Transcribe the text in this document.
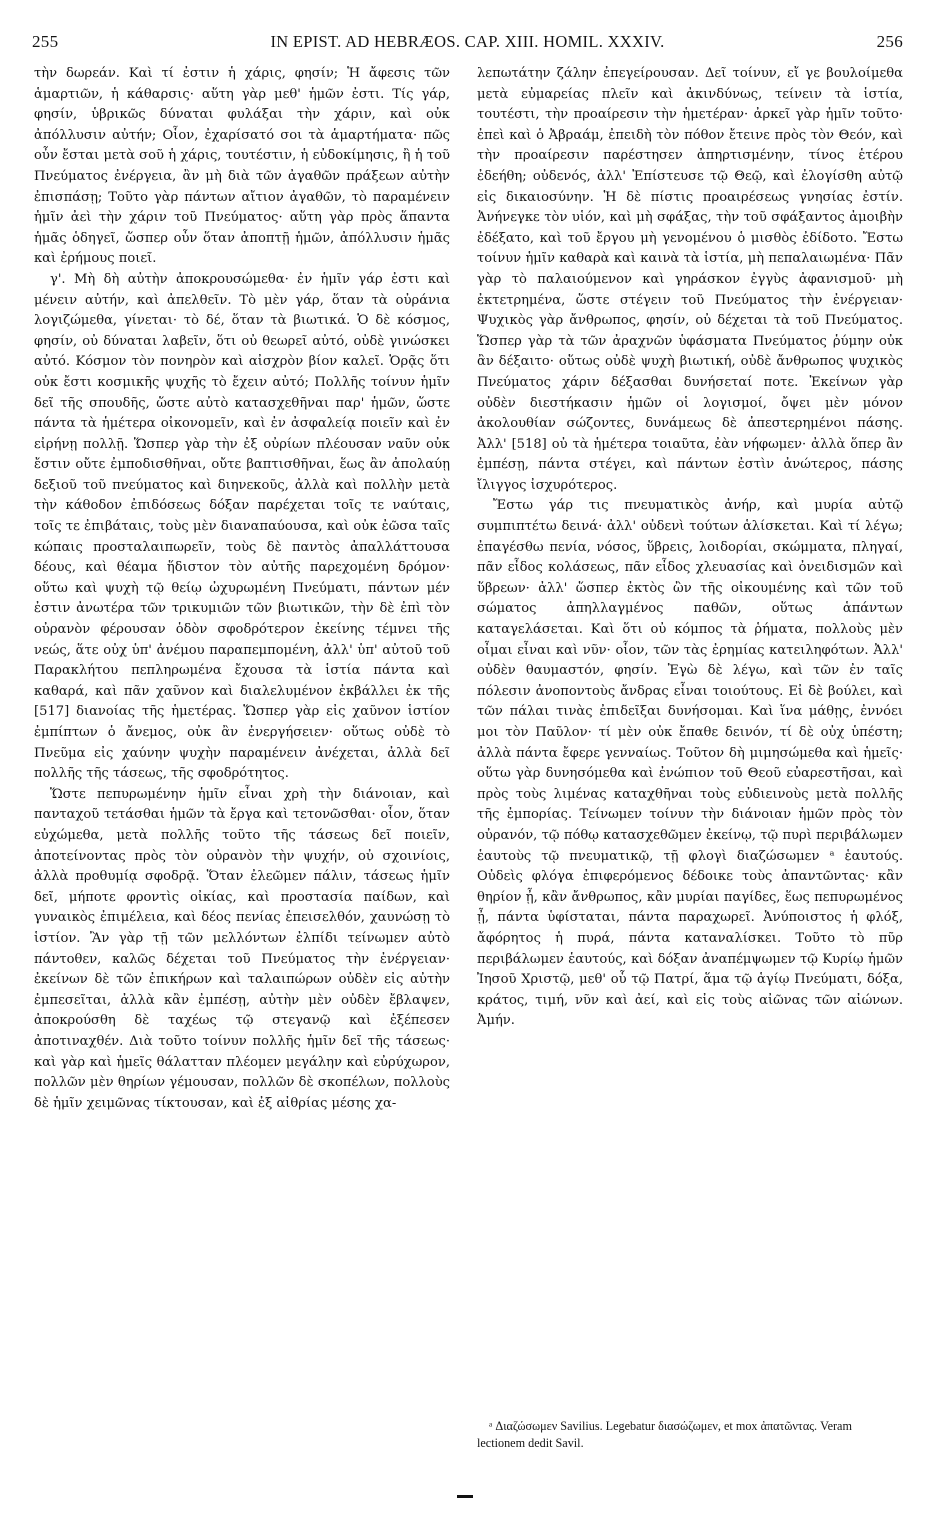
255	IN EPIST. AD HEBRÆOS. CAP. XIII. HOMIL. XXXIV.	256

τὴν δωρεάν. Καὶ τί ἐστιν ἡ χάρις, φησίν; Ἡ ἄφεσις τῶν ἁμαρτιῶν, ἡ κάθαρσις· αὕτη γὰρ μεθ' ἡμῶν ἐστι. Τίς γάρ, φησίν, ὑβρικῶς δύναται φυλάξαι τὴν χάριν, καὶ οὐκ ἀπόλλυσιν αὐτήν; Οἷον, ἐχαρίσατό σοι τὰ ἁμαρτήματα· πῶς οὖν ἔσται μετὰ σοῦ ἡ χάρις, τουτέστιν, ἡ εὐδοκίμησις, ἢ ἡ τοῦ Πνεύματος ἐνέργεια, ἂν μὴ διὰ τῶν ἀγαθῶν πράξεων αὐτὴν ἐπισπάσῃ; Τοῦτο γὰρ πάντων αἴτιον ἀγαθῶν, τὸ παραμένειν ἡμῖν ἀεὶ τὴν χάριν τοῦ Πνεύματος· αὕτη γὰρ πρὸς ἅπαντα ἡμᾶς ὁδηγεῖ, ὥσπερ οὖν ὅταν ἀποπτῇ ἡμῶν, ἀπόλλυσιν ἡμᾶς καὶ ἐρήμους ποιεῖ.

γ'. Μὴ δὴ αὐτὴν ἀποκρουσώμεθα· ἐν ἡμῖν γάρ ἐστι καὶ μένειν αὐτήν, καὶ ἀπελθεῖν. Τὸ μὲν γάρ, ὅταν τὰ οὐράνια λογιζώμεθα, γίνεται· τὸ δέ, ὅταν τὰ βιωτικά. Ὁ δὲ κόσμος, φησίν, οὐ δύναται λαβεῖν, ὅτι οὐ θεωρεῖ αὐτό, οὐδὲ γινώσκει αὐτό. Κόσμον τὸν πονηρὸν καὶ αἰσχρὸν βίον καλεῖ. Ὁρᾷς ὅτι οὐκ ἔστι κοσμικῆς ψυχῆς τὸ ἔχειν αὐτό; Πολλῆς τοίνυν ἡμῖν δεῖ τῆς σπουδῆς, ὥστε αὐτὸ κατασχεθῆναι παρ' ἡμῶν, ὥστε πάντα τὰ ἡμέτερα οἰκονομεῖν, καὶ ἐν ἀσφαλείᾳ ποιεῖν καὶ ἐν εἰρήνῃ πολλῇ. Ὥσπερ γὰρ τὴν ἐξ οὐρίων πλέουσαν ναῦν οὐκ ἔστιν οὔτε ἐμποδισθῆναι, οὔτε βαπτισθῆναι, ἕως ἂν ἀπολαύῃ δεξιοῦ τοῦ πνεύματος καὶ διηνεκοῦς, ἀλλὰ καὶ πολλὴν μετὰ τὴν κάθοδον ἐπιδόσεως δόξαν παρέχεται τοῖς τε ναύταις, τοῖς τε ἐπιβάταις, τοὺς μὲν διαναπαύουσα, καὶ οὐκ ἐῶσα ταῖς κώπαις προσταλαιπωρεῖν, τοὺς δὲ παντὸς ἀπαλλάττουσα δέους, καὶ θέαμα ἥδιστον τὸν αὐτῆς παρεχομένη δρόμον· οὕτω καὶ ψυχὴ τῷ θείῳ ὠχυρωμένη Πνεύματι, πάντων μέν ἐστιν ἀνωτέρα τῶν τρικυμιῶν τῶν βιωτικῶν, τὴν δὲ ἐπὶ τὸν οὐρανὸν φέρουσαν ὁδὸν σφοδρότερον ἐκείνης τέμνει τῆς νεώς, ἅτε οὐχ ὑπ' ἀνέμου παραπεμπομένη, ἀλλ' ὑπ' αὐτοῦ τοῦ Παρακλήτου πεπληρωμένα ἔχουσα τὰ ἱστία πάντα καὶ καθαρά, καὶ πᾶν χαῦνον καὶ διαλελυμένον ἐκβάλλει ἐκ τῆς [517] διανοίας τῆς ἡμετέρας. Ὥσπερ γὰρ εἰς χαῦνον ἱστίον ἐμπίπτων ὁ ἄνεμος, οὐκ ἂν ἐνεργήσειεν· οὕτως οὐδὲ τὸ Πνεῦμα εἰς χαύνην ψυχὴν παραμένειν ἀνέχεται, ἀλλὰ δεῖ πολλῆς τῆς τάσεως, τῆς σφοδρότητος.

Ὥστε πεπυρωμένην ἡμῖν εἶναι χρὴ τὴν διάνοιαν, καὶ πανταχοῦ τετάσθαι ἡμῶν τὰ ἔργα καὶ τετονῶσθαι· οἷον, ὅταν εὐχώμεθα, μετὰ πολλῆς τοῦτο τῆς τάσεως δεῖ ποιεῖν, ἀποτείνοντας πρὸς τὸν οὐρανὸν τὴν ψυχήν, οὐ σχοινίοις, ἀλλὰ προθυμίᾳ σφοδρᾷ. Ὅταν ἐλεῶμεν πάλιν, τάσεως ἡμῖν δεῖ, μήποτε φροντὶς οἰκίας, καὶ προστασία παίδων, καὶ γυναικὸς ἐπιμέλεια, καὶ δέος πενίας ἐπεισελθόν, χαυνώσῃ τὸ ἱστίον. Ἂν γὰρ τῇ τῶν μελλόντων ἐλπίδι τείνωμεν αὐτὸ πάντοθεν, καλῶς δέχεται τοῦ Πνεύματος τὴν ἐνέργειαν· ἐκείνων δὲ τῶν ἐπικήρων καὶ ταλαιπώρων οὐδὲν εἰς αὐτὴν ἐμπεσεῖται, ἀλλὰ κἂν ἐμπέσῃ, αὐτὴν μὲν οὐδὲν ἔβλαψεν, ἀποκρούσθη δὲ ταχέως τῷ στεγανῷ καὶ ἐξέπεσεν ἀποτιναχθέν. Διὰ τοῦτο τοίνυν πολλῆς ἡμῖν δεῖ τῆς τάσεως· καὶ γὰρ καὶ ἡμεῖς θάλατταν πλέομεν μεγάλην καὶ εὐρύχωρον, πολλῶν μὲν θηρίων γέμουσαν, πολλῶν δὲ σκοπέλων, πολλοὺς δὲ ἡμῖν χειμῶνας τίκτουσαν, καὶ ἐξ αἰθρίας μέσης χα-

λεπωτάτην ζάλην ἐπεγείρουσαν. Δεῖ τοίνυν, εἴ γε βουλοίμεθα μετὰ εὐμαρείας πλεῖν καὶ ἀκινδύνως, τείνειν τὰ ἱστία, τουτέστι, τὴν προαίρεσιν τὴν ἡμετέραν· ἀρκεῖ γὰρ ἡμῖν τοῦτο· ἐπεὶ καὶ ὁ Ἀβραάμ, ἐπειδὴ τὸν πόθον ἔτεινε πρὸς τὸν Θεόν, καὶ τὴν προαίρεσιν παρέστησεν ἀπηρτισμένην, τίνος ἑτέρου ἐδεήθη; οὐδενός, ἀλλ' Ἐπίστευσε τῷ Θεῷ, καὶ ἐλογίσθη αὐτῷ εἰς δικαιοσύνην. Ἡ δὲ πίστις προαιρέσεως γνησίας ἐστίν. Ἀνήνεγκε τὸν υἱόν, καὶ μὴ σφάξας, τὴν τοῦ σφάξαντος ἀμοιβὴν ἐδέξατο, καὶ τοῦ ἔργου μὴ γενομένου ὁ μισθὸς ἐδίδοτο. Ἔστω τοίνυν ἡμῖν καθαρὰ καὶ καινὰ τὰ ἱστία, μὴ πεπαλαιωμένα· Πᾶν γὰρ τὸ παλαιούμενον καὶ γηράσκον ἐγγὺς ἀφανισμοῦ· μὴ ἐκτετρημένα, ὥστε στέγειν τοῦ Πνεύματος τὴν ἐνέργειαν· Ψυχικὸς γὰρ ἄνθρωπος, φησίν, οὐ δέχεται τὰ τοῦ Πνεύματος. Ὥσπερ γὰρ τὰ τῶν ἀραχνῶν ὑφάσματα Πνεύματος ῥύμην οὐκ ἂν δέξαιτο· οὕτως οὐδὲ ψυχὴ βιωτική, οὐδὲ ἄνθρωπος ψυχικὸς Πνεύματος χάριν δέξασθαι δυνήσεταί ποτε. Ἐκείνων γὰρ οὐδὲν διεστήκασιν ἡμῶν οἱ λογισμοί, ὄψει μὲν μόνον ἀκολουθίαν σώζοντες, δυνάμεως δὲ ἀπεστερημένοι πάσης. Ἀλλ' [518] οὐ τὰ ἡμέτερα τοιαῦτα, ἐὰν νήφωμεν· ἀλλὰ ὅπερ ἂν ἐμπέσῃ, πάντα στέγει, καὶ πάντων ἐστὶν ἀνώτερος, πάσης ἴλιγγος ἰσχυρότερος.

Ἔστω γάρ τις πνευματικὸς ἀνήρ, καὶ μυρία αὐτῷ συμπιπτέτω δεινά· ἀλλ' οὐδενὶ τούτων ἁλίσκεται. Καὶ τί λέγω; ἐπαγέσθω πενία, νόσος, ὕβρεις, λοιδορίαι, σκώμματα, πληγαί, πᾶν εἶδος κολάσεως, πᾶν εἶδος χλευασίας καὶ ὀνειδισμῶν καὶ ὕβρεων· ἀλλ' ὥσπερ ἐκτὸς ὢν τῆς οἰκουμένης καὶ τῶν τοῦ σώματος ἀπηλλαγμένος παθῶν, οὕτως ἁπάντων καταγελάσεται. Καὶ ὅτι οὐ κόμπος τὰ ῥήματα, πολλοὺς μὲν οἶμαι εἶναι καὶ νῦν· οἷον, τῶν τὰς ἐρημίας κατειληφότων. Ἀλλ' οὐδὲν θαυμαστόν, φησίν. Ἐγὼ δὲ λέγω, καὶ τῶν ἐν ταῖς πόλεσιν ἀνοποντοὺς ἄνδρας εἶναι τοιούτους. Εἰ δὲ βούλει, καὶ τῶν πάλαι τινὰς ἐπιδεῖξαι δυνήσομαι. Καὶ ἵνα μάθῃς, ἐννόει μοι τὸν Παῦλον· τί μὲν οὐκ ἔπαθε δεινόν, τί δὲ οὐχ ὑπέστη; ἀλλὰ πάντα ἔφερε γενναίως. Τοῦτον δὴ μιμησώμεθα καὶ ἡμεῖς· οὕτω γὰρ δυνησόμεθα καὶ ἐνώπιον τοῦ Θεοῦ εὐαρεστῆσαι, καὶ πρὸς τοὺς λιμένας καταχθῆναι τοὺς εὐδιεινοὺς μετὰ πολλῆς τῆς ἐμπορίας. Τείνωμεν τοίνυν τὴν διάνοιαν ἡμῶν πρὸς τὸν οὐρανόν, τῷ πόθῳ κατασχεθῶμεν ἐκείνῳ, τῷ πυρὶ περιβάλωμεν ἑαυτοὺς τῷ πνευματικῷ, τῇ φλογὶ διαζώσωμεν ᵃ ἑαυτούς. Οὐδεὶς φλόγα ἐπιφερόμενος δέδοικε τοὺς ἀπαντῶντας· κἂν θηρίον ᾖ, κἂν ἄνθρωπος, κἂν μυρίαι παγίδες, ἕως πεπυρωμένος ᾖ, πάντα ὑφίσταται, πάντα παραχωρεῖ. Ἀνύποιστος ἡ φλόξ, ἄφόρητος ἡ πυρά, πάντα καταναλίσκει. Τοῦτο τὸ πῦρ περιβάλωμεν ἑαυτούς, καὶ δόξαν ἀναπέμψωμεν τῷ Κυρίῳ ἡμῶν Ἰησοῦ Χριστῷ, μεθ' οὗ τῷ Πατρί, ἅμα τῷ ἁγίῳ Πνεύματι, δόξα, κράτος, τιμή, νῦν καὶ ἀεί, καὶ εἰς τοὺς αἰῶνας τῶν αἰώνων. Ἀμήν.

ᵃ Διαζώσωμεν Savilius. Legebatur διασώζωμεν, et mox ἀπατῶντας. Veram lectionem dedit Savil.
